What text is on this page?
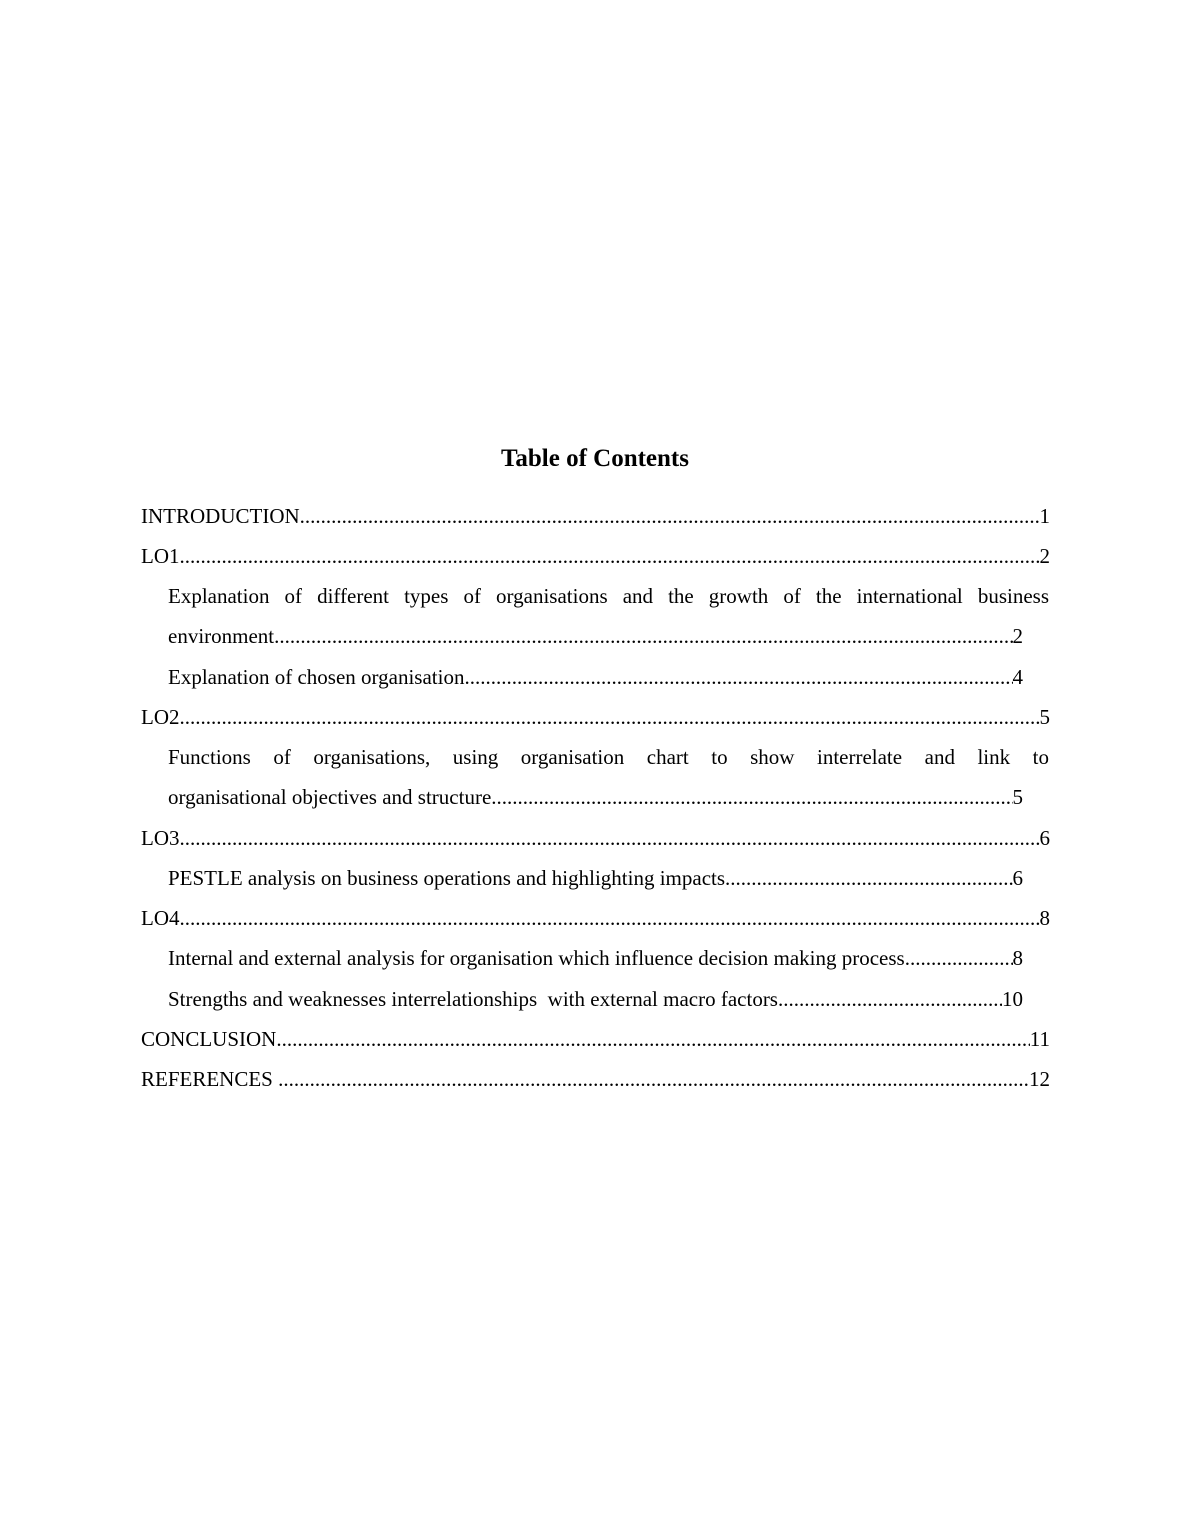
Table of Contents
INTRODUCTION .....	1
LO1 .....	2
Explanation of different types of organisations and the growth of the international business
environment .....	2
Explanation of chosen organisation .....	4
LO2 .....	5
Functions of organisations, using organisation chart to show interrelate and link to
organisational objectives and structure .....	5
LO3 .....	6
PESTLE analysis on business operations and highlighting impacts .....	6
LO4 .....	8
Internal and external analysis for organisation which influence decision making process .....	8
Strengths and weaknesses interrelationships  with external macro factors .....	10
CONCLUSION .....	11
REFERENCES .....	12
